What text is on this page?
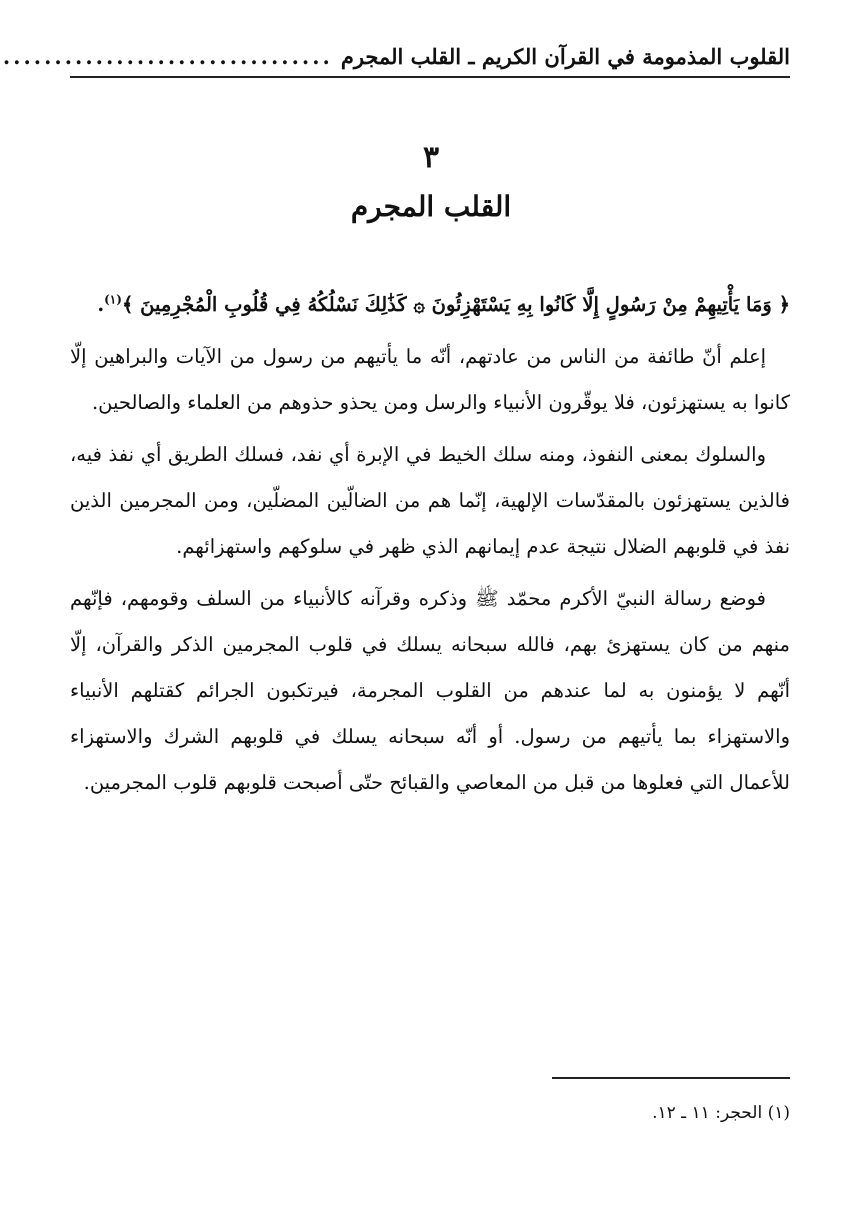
القلوب المذمومة في القرآن الكريم ـ القلب المجرم
................................
٣
القلب المجرم

﴿ وَمَا يَأْتِيهِمْ مِنْ رَسُولٍ إِلَّا كَانُوا بِهِ يَسْتَهْزِئُونَ ۞ كَذَٰلِكَ نَسْلُكُهُ فِي قُلُوبِ الْمُجْرِمِينَ ﴾$^{(١)}$.

إعلم أنّ طائفة من الناس من عادتهم، أنّه ما يأتيهم من رسول من الآيات والبراهين إلّا كانوا به يستهزئون، فلا يوقّرون الأنبياء والرسل ومن يحذو حذوهم من العلماء والصالحين.

والسلوك بمعنى النفوذ، ومنه سلك الخيط في الإبرة أي نفد، فسلك الطريق أي نفذ فيه، فالذين يستهزئون بالمقدّسات الإلهية، إنّما هم من الضالّين المضلّين، ومن المجرمين الذين نفذ في قلوبهم الضلال نتيجة عدم إيمانهم الذي ظهر في سلوكهم واستهزائهم.

فوضع رسالة النبيّ الأكرم محمّد ﷺ وذكره وقرآنه كالأنبياء من السلف وقومهم، فإنّهم منهم من كان يستهزئ بهم، فالله سبحانه يسلك في قلوب المجرمين الذكر والقرآن، إلّا أنّهم لا يؤمنون به لما عندهم من القلوب المجرمة، فيرتكبون الجرائم كقتلهم الأنبياء والاستهزاء بما يأتيهم من رسول. أو أنّه سبحانه يسلك في قلوبهم الشرك والاستهزاء للأعمال التي فعلوها من قبل من المعاصي والقبائح حتّى أصبحت قلوبهم قلوب المجرمين.

(١) الحجر: ١١ ـ ١٢.
